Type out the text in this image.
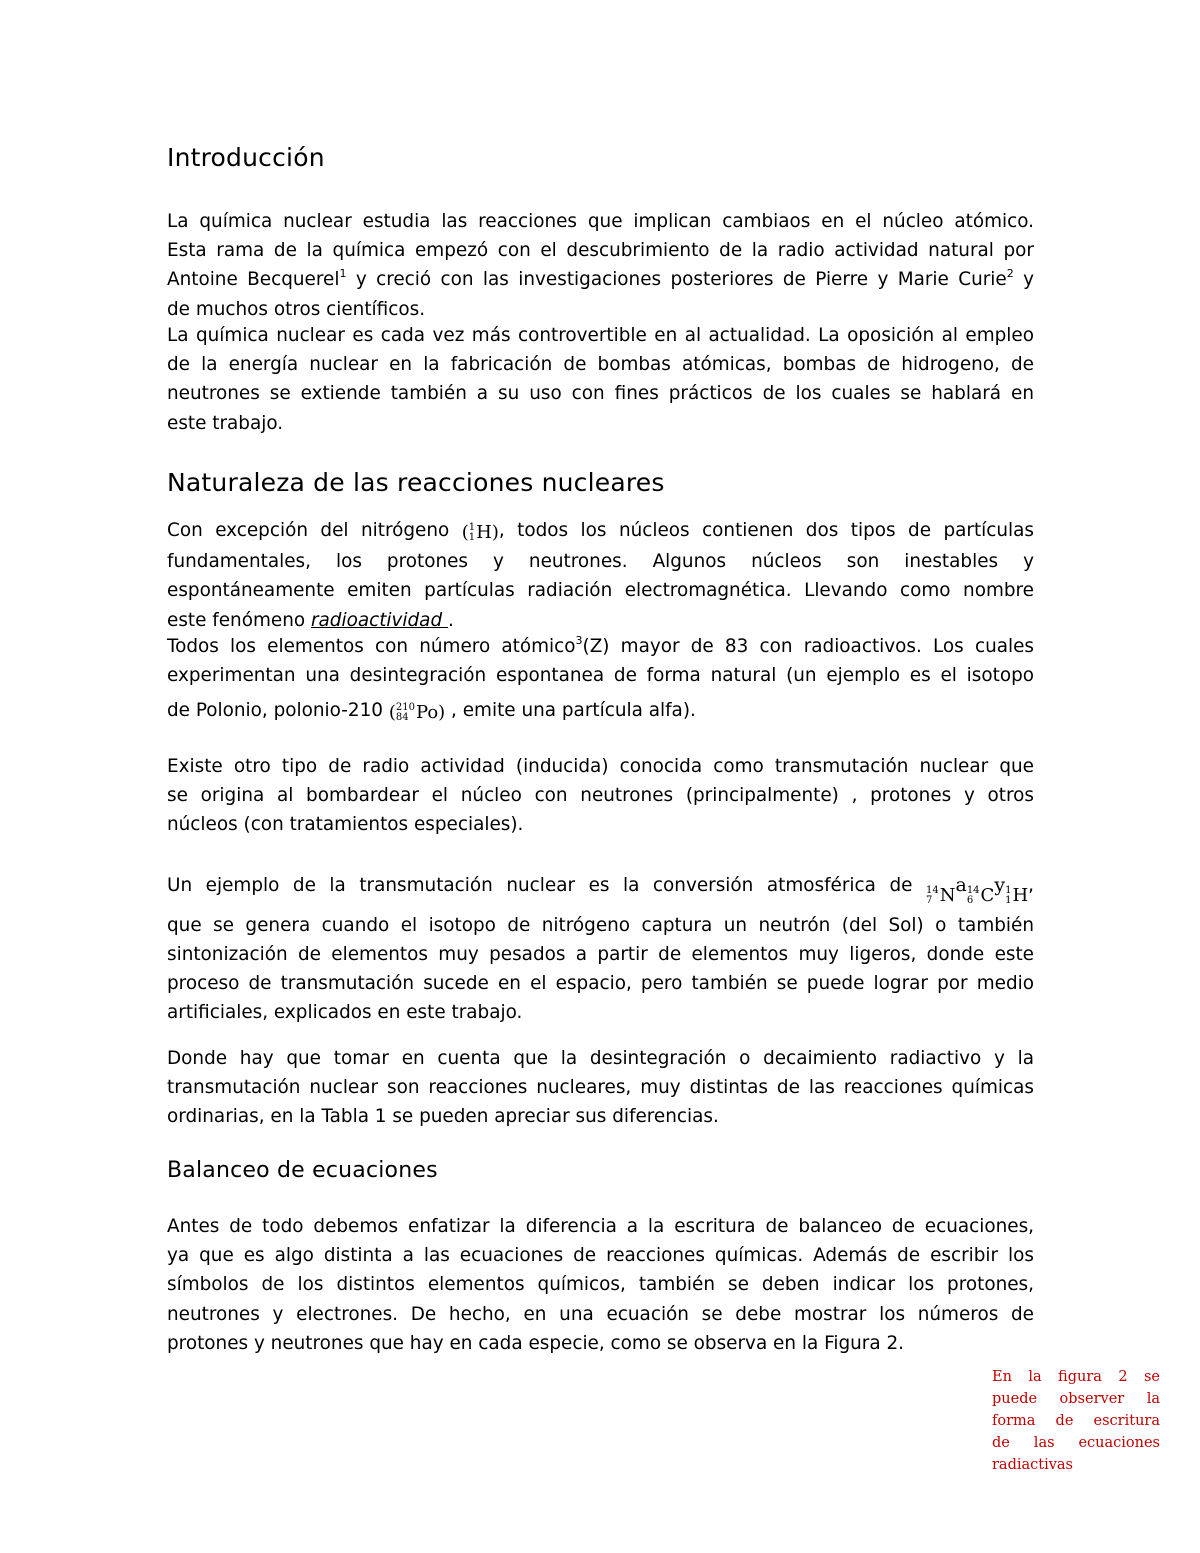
Introducción
La química nuclear estudia las reacciones que implican cambiaos en el núcleo atómico.
Esta rama de la química empezó con el descubrimiento de la radio actividad natural por
Antoine Becquerel$^1$ y creció con las investigaciones posteriores de Pierre y Marie Curie$^2$ y
de muchos otros científicos.
La química nuclear es cada vez más controvertible en al actualidad. La oposición al empleo
de la energía nuclear en la fabricación de bombas atómicas, bombas de hidrogeno, de
neutrones se extiende también a su uso con fines prácticos de los cuales se hablará en
este trabajo.
Naturaleza de las reacciones nucleares
Con excepción del nitrógeno ( 1
1 H ), todos los núcleos contienen dos tipos de partículas
fundamentales, los protones y neutrones. Algunos núcleos son inestables y
espontáneamente emiten partículas radiación electromagnética. Llevando como nombre
este fenómeno radioactividad .
Todos los elementos con número atómico$^3$(Z) mayor de 83 con radioactivos. Los cuales
experimentan una desintegración espontanea de forma natural (un ejemplo es el isotopo
de Polonio, polonio-210 ( 210
84 Po ) , emite una partícula alfa).
Existe otro tipo de radio actividad (inducida) conocida como transmutación nuclear que
se origina al bombardear el núcleo con neutrones (principalmente) , protones y otros
núcleos (con tratamientos especiales).
Un ejemplo de la transmutación nuclear es la conversión atmosférica de 14
7 N a 14
6 C y 1
1 H ,
que se genera cuando el isotopo de nitrógeno captura un neutrón (del Sol) o también
sintonización de elementos muy pesados a partir de elementos muy ligeros, donde este
proceso de transmutación sucede en el espacio, pero también se puede lograr por medio
artificiales, explicados en este trabajo.
Donde hay que tomar en cuenta que la desintegración o decaimiento radiactivo y la
transmutación nuclear son reacciones nucleares, muy distintas de las reacciones químicas
ordinarias, en la Tabla 1 se pueden apreciar sus diferencias.
Balanceo de ecuaciones
Antes de todo debemos enfatizar la diferencia a la escritura de balanceo de ecuaciones,
ya que es algo distinta a las ecuaciones de reacciones químicas. Además de escribir los
símbolos de los distintos elementos químicos, también se deben indicar los protones,
neutrones y electrones. De hecho, en una ecuación se debe mostrar los números de
protones y neutrones que hay en cada especie, como se observa en la Figura 2.
En la figura 2 se
puede observer la
forma de escritura
de las ecuaciones
radiactivas
